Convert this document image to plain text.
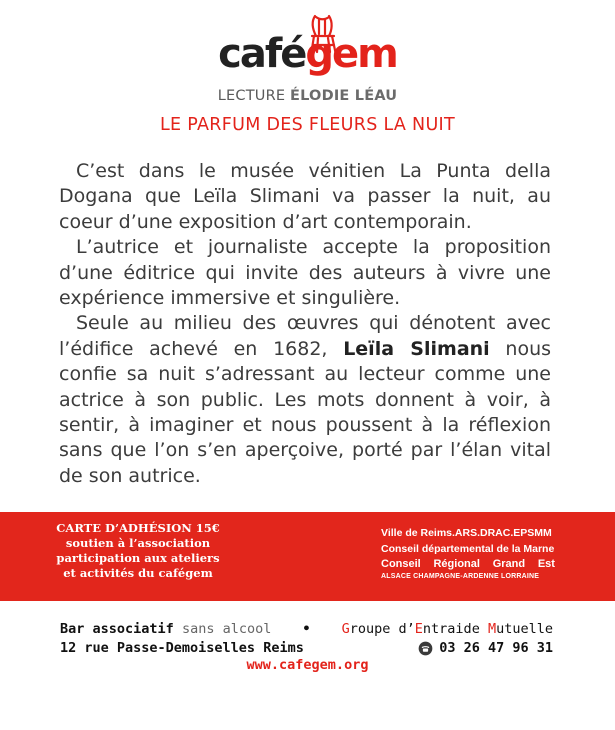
cafégem
LECTURE ÉLODIE LÉAU
LE PARFUM DES FLEURS LA NUIT

C’est dans le musée vénitien La Punta della Dogana que Leïla Slimani va passer la nuit, au coeur d’une exposition d’art contemporain.

L’autrice et journaliste accepte la proposition d’une éditrice qui invite des auteurs à vivre une expérience immersive et singulière.

Seule au milieu des œuvres qui dénotent avec l’édifice achevé en 1682, Leïla Slimani nous confie sa nuit s’adressant au lecteur comme une actrice à son public. Les mots donnent à voir, à sentir, à imaginer et nous poussent à la réflexion sans que l’on s’en aperçoive, porté par l’élan vital de son autrice.

CARTE D’ADHÉSION 15€
soutien à l’association
participation aux ateliers
et activités du cafégem
Ville de Reims.ARS.DRAC.EPSMM
Conseil départemental de la Marne
Conseil Régional Grand Est
ALSACE CHAMPAGNE-ARDENNE LORRAINE
Bar associatif sans alcool • Groupe d’Entraide Mutuelle
12 rue Passe-Demoiselles Reims	03 26 47 96 31
www.cafegem.org
